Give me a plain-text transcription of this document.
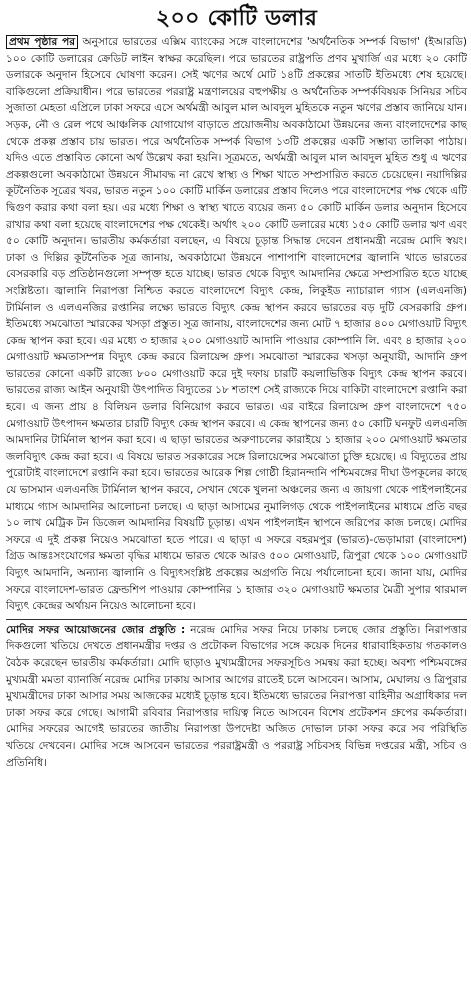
২০০ কোটি ডলার

প্রথম পৃষ্ঠার পর অনুসারে ভারতের এক্সিম ব্যাংকের সঙ্গে বাংলাদেশের 'অর্থনৈতিক সম্পর্ক বিভাগ' (ইআরডি) ১০০ কোটি ডলারের ক্রেডিট লাইন স্বাক্ষর করেছিল। পরে ভারতের রাষ্ট্রপতি প্রণব মুখার্জি এর মধ্যে ২০ কোটি ডলারকে অনুদান হিসেবে ঘোষণা করেন। সেই ঋণের অর্থে মোট ১৪টি প্রকল্পের সাতটি ইতিমধ্যে শেষ হয়েছে। বাকিগুলো প্রক্রিয়াধীন। পরে ভারতের পররাষ্ট্র মন্ত্রণালয়ের বহুপক্ষীয় ও অর্থনৈতিক সম্পর্কবিষয়ক সিনিয়র সচিব সুজাতা মেহতা এপ্রিলে ঢাকা সফরে এসে অর্থমন্ত্রী আবুল মাল আবদুল মুহিতকে নতুন ঋণের প্রস্তাব জানিয়ে যান। সড়ক, নৌ ও রেল পথে আঞ্চলিক যোগাযোগ বাড়াতে প্রয়োজনীয় অবকাঠামো উন্নয়নের জন্য বাংলাদেশের কাছ থেকে প্রকল্প প্রস্তাব চায় ভারত। পরে অর্থনৈতিক সম্পর্ক বিভাগ ১৩টি প্রকল্পের একটি সম্ভাব্য তালিকা পাঠায়। যদিও এতে প্রস্তাবিত কোনো অর্থ উল্লেখ করা হয়নি। সূত্রমতে, অর্থমন্ত্রী আবুল মাল আবদুল মুহিত শুধু এ ঋণের প্রকল্পগুলো অবকাঠামো উন্নয়নে সীমাবদ্ধ না রেখে স্বাস্থ্য ও শিক্ষা খাতে সম্প্রসারিত করতে চেয়েছেন। নয়াদিল্লির কূটনৈতিক সূত্রের খবর, ভারত নতুন ১০০ কোটি মার্কিন ডলারের প্রস্তাব দিলেও পরে বাংলাদেশের পক্ষ থেকে এটি দ্বিগুণ করার কথা বলা হয়। এর মধ্যে শিক্ষা ও স্বাস্থ্য খাতে ব্যয়ের জন্য ৫০ কোটি মার্কিন ডলার অনুদান হিসেবে রাখার কথা বলা হয়েছে বাংলাদেশের পক্ষ থেকেই। অর্থাৎ ২০০ কোটি ডলারের মধ্যে ১৫০ কোটি ডলার ঋণ এবং ৫০ কোটি অনুদান। ভারতীয় কর্মকর্তারা বলছেন, এ বিষয়ে চূড়ান্ত সিদ্ধান্ত দেবেন প্রধানমন্ত্রী নরেন্দ্র মোদি স্বয়ং। ঢাকা ও দিল্লির কূটনৈতিক সূত্র জানায়, অবকাঠামো উন্নয়নে পাশাপাশি বাংলাদেশের জ্বালানি খাতে ভারতের বেসরকারি বড় প্রতিষ্ঠানগুলো সম্পৃক্ত হতে যাচ্ছে। ভারত থেকে বিদ্যুৎ আমদানির ক্ষেত্রে সম্প্রসারিত হতে যাচ্ছে সংশ্লিষ্টতা। জ্বালানি নিরাপত্তা নিশ্চিত করতে বাংলাদেশে বিদ্যুৎ কেন্দ্র, লিকুইড ন্যাচারাল গ্যাস (এলএনজি) টার্মিনাল ও এলএনজির রপ্তানির লক্ষ্যে ভারতে বিদ্যুৎ কেন্দ্র স্থাপন করবে ভারতের বড় দুটি বেসরকারি গ্রুপ। ইতিমধ্যে সমঝোতা স্মারকের খসড়া প্রস্তুত। সূত্র জানায়, বাংলাদেশের জন্য মোট ৭ হাজার ৪০০ মেগাওয়াট বিদ্যুৎ কেন্দ্র স্থাপন করা হবে। এর মধ্যে ৩ হাজার ২০০ মেগাওয়াট আদানি পাওয়ার কোম্পানি লি. এবং ৪ হাজার ২০০ মেগাওয়াট ক্ষমতাসম্পন্ন বিদ্যুৎ কেন্দ্র করবে রিলায়েন্স গ্রুপ। সমঝোতা স্মারকের খসড়া অনুযায়ী, আদানি গ্রুপ ভারতের কোনো একটি রাজ্যে ৮০০ মেগাওয়াট করে দুই দফায় চারটি কয়লাভিত্তিক বিদ্যুৎ কেন্দ্র স্থাপন করবে। ভারতের রাজ্য আইন অনুযায়ী উৎপাদিত বিদ্যুতের ১৮ শতাংশ সেই রাজ্যকে দিয়ে বাকিটা বাংলাদেশে রপ্তানি করা হবে। এ জন্য প্রায় ৪ বিলিয়ন ডলার বিনিয়োগ করবে ভারত। এর বাইরে রিলায়েন্স গ্রুপ বাংলাদেশে ৭৫০ মেগাওয়াট উৎপাদন ক্ষমতার চারটি বিদ্যুৎ কেন্দ্র স্থাপন করবে। এ কেন্দ্র স্থাপনের জন্য ৫০ কোটি ঘনফুট এলএনজি আমদানির টার্মিনাল স্থাপন করা হবে। এ ছাড়া ভারতের অরুণাচলের কারাইয়ে ১ হাজার ২০০ মেগাওয়াট ক্ষমতার জলবিদ্যুৎ কেন্দ্র করা হবে। এ বিষয়ে ভারত সরকারের সঙ্গে রিলায়েন্সের সমঝোতা চুক্তি হয়েছে। এ বিদ্যুতের প্রায় পুরোটাই বাংলাদেশে রপ্তানি করা হবে। ভারতের আরেক শিল্প গোষ্ঠী হিরানন্দানি পশ্চিমবঙ্গের দীঘা উপকূলের কাছে যে ভাসমান এলএনজি টার্মিনাল স্থাপন করবে, সেখান থেকে খুলনা অঞ্চলের জন্য এ জায়গা থেকে পাইপলাইনের মাধ্যমে গ্যাস আমদানির আলোচনা চলছে। এ ছাড়া আসামের নুমালিগড় থেকে পাইপলাইনের মাধ্যমে প্রতি বছর ১০ লাখ মেট্রিক টন ডিজেল আমদানির বিষয়টি চূড়ান্ত। এখন পাইপলাইন স্থাপনে জরিপের কাজ চলছে। মোদির সফরে এ দুই প্রকল্প নিয়েও সমঝোতা হতে পারে। এ ছাড়া এ সফরে বহরমপুর (ভারত)-ভেড়ামারা (বাংলাদেশ) গ্রিড আন্তঃসংযোগের ক্ষমতা বৃদ্ধির মাধ্যমে ভারত থেকে আরও ৫০০ মেগাওয়াট, ত্রিপুরা থেকে ১০০ মেগাওয়াট বিদ্যুৎ আমদানি, অন্যান্য জ্বালানি ও বিদ্যুৎসংশ্লিষ্ট প্রকল্পের অগ্রগতি নিয়ে পর্যালোচনা হবে। জানা যায়, মোদির সফরে বাংলাদেশ-ভারত ফ্রেন্ডশিপ পাওয়ার কোম্পানির ১ হাজার ৩২০ মেগাওয়াট ক্ষমতার মৈত্রী সুপার থারমাল বিদ্যুৎ কেন্দ্রের অর্থায়ন নিয়েও আলোচনা হবে।

মোদির সফর আয়োজনের জোর প্রস্তুতি : নরেন্দ্র মোদির সফর নিয়ে ঢাকায় চলছে জোর প্রস্তুতি। নিরাপত্তার দিকগুলো খতিয়ে দেখতে প্রধানমন্ত্রীর দপ্তর ও প্রটোকল বিভাগের সঙ্গে কয়েক দিনের ধারাবাহিকতায় গতকালও বৈঠক করেছেন ভারতীয় কর্মকর্তারা। মোদি ছাড়াও মুখ্যমন্ত্রীদের সফরসূচিও সমন্বয় করা হচ্ছে। অবশ্য পশ্চিমবঙ্গের মুখ্যমন্ত্রী মমতা ব্যানার্জি নরেন্দ্র মোদির ঢাকায় আসার আগের রাতেই চলে আসবেন। আসাম, মেঘালয় ও ত্রিপুরার মুখ্যমন্ত্রীদের ঢাকা আসার সময় আজকের মধ্যেই চূড়ান্ত হবে। ইতিমধ্যে ভারতের নিরাপত্তা বাহিনীর অগ্রাধিকার দল ঢাকা সফর করে গেছে। আগামী রবিবার নিরাপত্তার দায়িত্ব নিতে আসবেন বিশেষ প্রটেকশন গ্রুপের কর্মকর্তারা। মোদির সফরের আগেই ভারতের জাতীয় নিরাপত্তা উপদেষ্টা অজিত দোভাল ঢাকা সফর করে সব পরিস্থিতি খতিয়ে দেখবেন। মোদির সঙ্গে আসবেন ভারতের পররাষ্ট্রমন্ত্রী ও পররাষ্ট্র সচিবসহ বিভিন্ন দপ্তরের মন্ত্রী, সচিব ও প্রতিনিধি।
